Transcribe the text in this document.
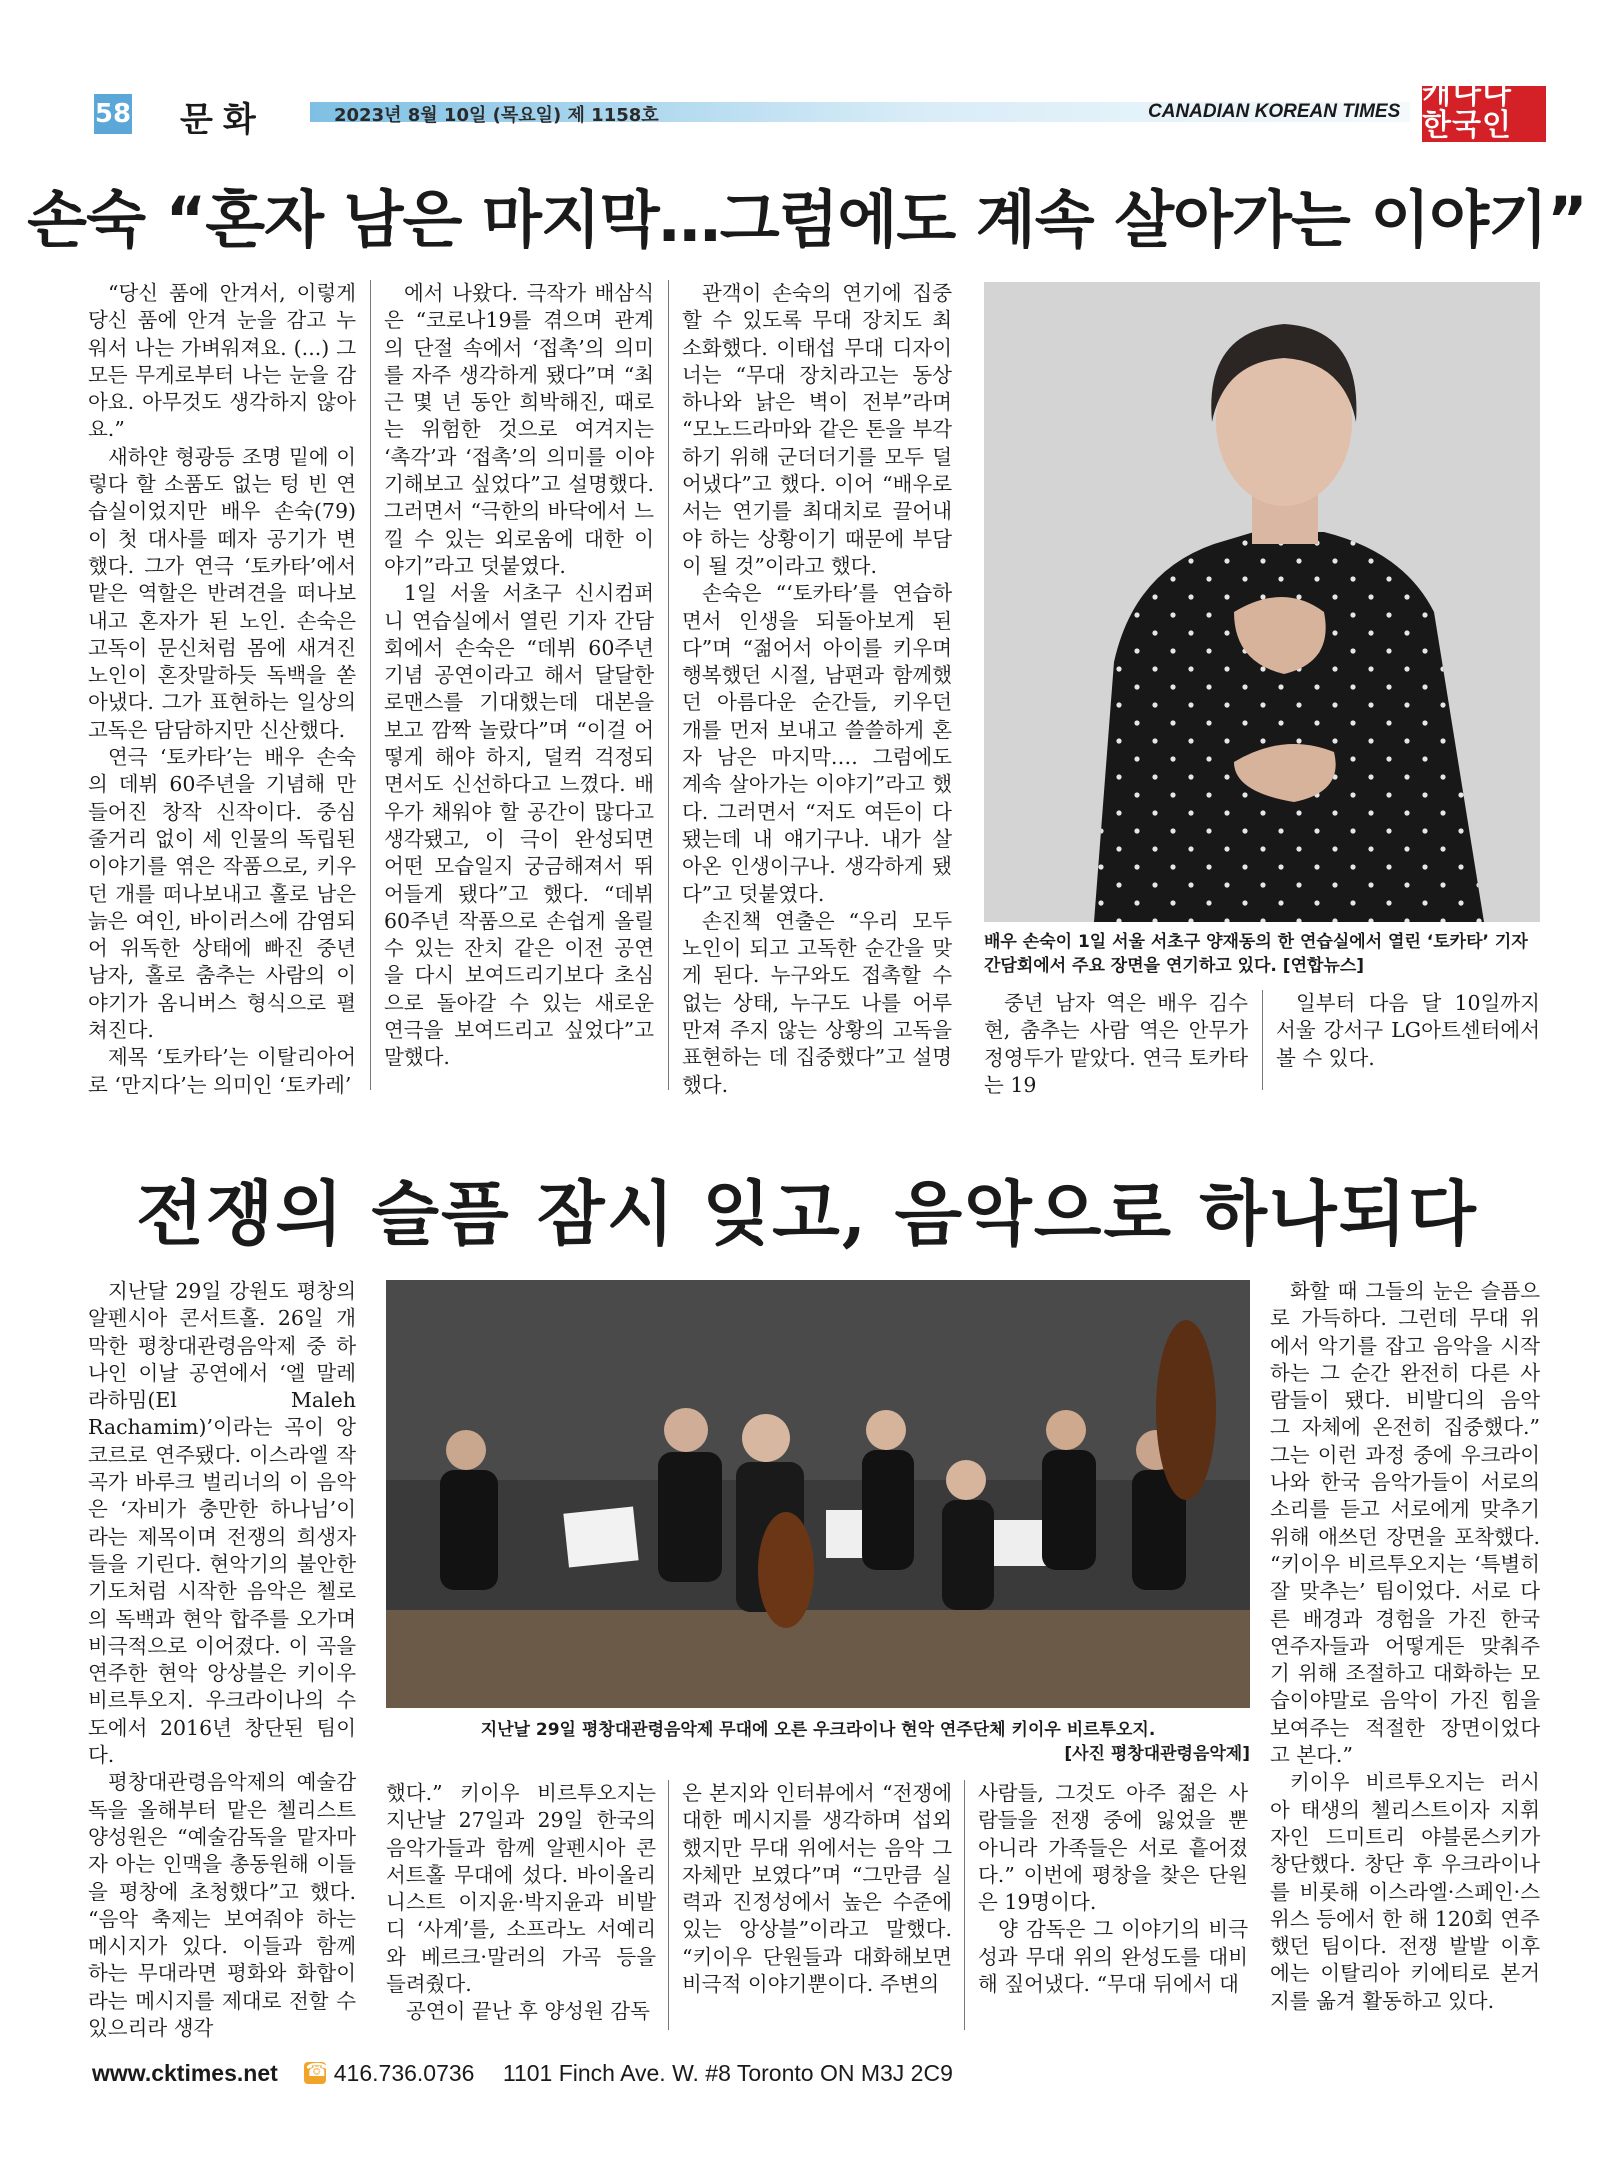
58 문화	2023년 8월 10일 (목요일) 제 1158호	CANADIAN KOREAN TIMES
캐나다 한국인
CANADIAN KOREAN TIMES
손숙 “혼자 남은 마지막…그럼에도 계속 살아가는 이야기”

“당신 품에 안겨서, 이렇게 당신 품에 안겨 눈을 감고 누워서 나는 가벼워져요. (...) 그 모든 무게로부터 나는 눈을 감아요. 아무것도 생각하지 않아요.”

새하얀 형광등 조명 밑에 이렇다 할 소품도 없는 텅 빈 연습실이었지만 배우 손숙(79)이 첫 대사를 떼자 공기가 변했다. 그가 연극 ‘토카타’에서 맡은 역할은 반려견을 떠나보내고 혼자가 된 노인. 손숙은 고독이 문신처럼 몸에 새겨진 노인이 혼잣말하듯 독백을 쏟아냈다. 그가 표현하는 일상의 고독은 담담하지만 신산했다.

연극 ‘토카타’는 배우 손숙의 데뷔 60주년을 기념해 만들어진 창작 신작이다. 중심 줄거리 없이 세 인물의 독립된 이야기를 엮은 작품으로, 키우던 개를 떠나보내고 홀로 남은 늙은 여인, 바이러스에 감염되어 위독한 상태에 빠진 중년 남자, 홀로 춤추는 사람의 이야기가 옴니버스 형식으로 펼쳐진다.

제목 ‘토카타’는 이탈리아어로 ‘만지다’는 의미인 ‘토카레’

에서 나왔다. 극작가 배삼식은 “코로나19를 겪으며 관계의 단절 속에서 ‘접촉’의 의미를 자주 생각하게 됐다”며 “최근 몇 년 동안 희박해진, 때로는 위험한 것으로 여겨지는 ‘촉각’과 ‘접촉’의 의미를 이야기해보고 싶었다”고 설명했다. 그러면서 “극한의 바닥에서 느낄 수 있는 외로움에 대한 이야기”라고 덧붙였다.

1일 서울 서초구 신시컴퍼니 연습실에서 열린 기자 간담회에서 손숙은 “데뷔 60주년 기념 공연이라고 해서 달달한 로맨스를 기대했는데 대본을 보고 깜짝 놀랐다”며 “이걸 어떻게 해야 하지, 덜컥 걱정되면서도 신선하다고 느꼈다. 배우가 채워야 할 공간이 많다고 생각됐고, 이 극이 완성되면 어떤 모습일지 궁금해져서 뛰어들게 됐다”고 했다. “데뷔 60주년 작품으로 손쉽게 올릴 수 있는 잔치 같은 이전 공연을 다시 보여드리기보다 초심으로 돌아갈 수 있는 새로운 연극을 보여드리고 싶었다”고 말했다.

관객이 손숙의 연기에 집중할 수 있도록 무대 장치도 최소화했다. 이태섭 무대 디자이너는 “무대 장치라고는 동상 하나와 낡은 벽이 전부”라며 “모노드라마와 같은 톤을 부각하기 위해 군더더기를 모두 덜어냈다”고 했다. 이어 “배우로서는 연기를 최대치로 끌어내야 하는 상황이기 때문에 부담이 될 것”이라고 했다.

손숙은 “‘토카타’를 연습하면서 인생을 되돌아보게 된다”며 “젊어서 아이를 키우며 행복했던 시절, 남편과 함께했던 아름다운 순간들, 키우던 개를 먼저 보내고 쓸쓸하게 혼자 남은 마지막…. 그럼에도 계속 살아가는 이야기”라고 했다. 그러면서 “저도 여든이 다 됐는데 내 얘기구나. 내가 살아온 인생이구나. 생각하게 됐다”고 덧붙였다.

손진책 연출은 “우리 모두 노인이 되고 고독한 순간을 맞게 된다. 누구와도 접촉할 수 없는 상태, 누구도 나를 어루만져 주지 않는 상황의 고독을 표현하는 데 집중했다”고 설명했다.

배우 손숙이 1일 서울 서초구 양재동의 한 연습실에서 열린 ‘토카타’ 기자간담회에서 주요 장면을 연기하고 있다. [연합뉴스]

중년 남자 역은 배우 김수현, 춤추는 사람 역은 안무가 정영두가 맡았다. 연극 토카타는 19

일부터 다음 달 10일까지 서울 강서구 LG아트센터에서 볼 수 있다.

전쟁의 슬픔 잠시 잊고, 음악으로 하나되다

지난달 29일 강원도 평창의 알펜시아 콘서트홀. 26일 개막한 평창대관령음악제 중 하나인 이날 공연에서 ‘엘 말레 라하밈(El Maleh Rachamim)’이라는 곡이 앙코르로 연주됐다. 이스라엘 작곡가 바루크 벌리너의 이 음악은 ‘자비가 충만한 하나님’이라는 제목이며 전쟁의 희생자들을 기린다. 현악기의 불안한 기도처럼 시작한 음악은 첼로의 독백과 현악 합주를 오가며 비극적으로 이어졌다. 이 곡을 연주한 현악 앙상블은 키이우 비르투오지. 우크라이나의 수도에서 2016년 창단된 팀이다.

평창대관령음악제의 예술감독을 올해부터 맡은 첼리스트 양성원은 “예술감독을 맡자마자 아는 인맥을 총동원해 이들을 평창에 초청했다”고 했다. “음악 축제는 보여줘야 하는 메시지가 있다. 이들과 함께 하는 무대라면 평화와 화합이라는 메시지를 제대로 전할 수 있으리라 생각

지난날 29일 평창대관령음악제 무대에 오른 우크라이나 현악 연주단체 키이우 비르투오지.
[사진 평창대관령음악제]

화할 때 그들의 눈은 슬픔으로 가득하다. 그런데 무대 위에서 악기를 잡고 음악을 시작하는 그 순간 완전히 다른 사람들이 됐다. 비발디의 음악 그 자체에 온전히 집중했다.” 그는 이런 과정 중에 우크라이나와 한국 음악가들이 서로의 소리를 듣고 서로에게 맞추기 위해 애쓰던 장면을 포착했다. “키이우 비르투오지는 ‘특별히 잘 맞추는’ 팀이었다. 서로 다른 배경과 경험을 가진 한국 연주자들과 어떻게든 맞춰주기 위해 조절하고 대화하는 모습이야말로 음악이 가진 힘을 보여주는 적절한 장면이었다고 본다.”

키이우 비르투오지는 러시아 태생의 첼리스트이자 지휘자인 드미트리 야블론스키가 창단했다. 창단 후 우크라이나를 비롯해 이스라엘·스페인·스위스 등에서 한 해 120회 연주했던 팀이다. 전쟁 발발 이후에는 이탈리아 키에티로 본거지를 옮겨 활동하고 있다.

했다.” 키이우 비르투오지는 지난날 27일과 29일 한국의 음악가들과 함께 알펜시아 콘서트홀 무대에 섰다. 바이올리니스트 이지윤·박지윤과 비발디 ‘사계’를, 소프라노 서예리와 베르크·말러의 가곡 등을 들려줬다.

공연이 끝난 후 양성원 감독

은 본지와 인터뷰에서 “전쟁에 대한 메시지를 생각하며 섭외했지만 무대 위에서는 음악 그 자체만 보였다”며 “그만큼 실력과 진정성에서 높은 수준에 있는 앙상블”이라고 말했다. “키이우 단원들과 대화해보면 비극적 이야기뿐이다. 주변의

사람들, 그것도 아주 젊은 사람들을 전쟁 중에 잃었을 뿐 아니라 가족들은 서로 흩어졌다.” 이번에 평창을 찾은 단원은 19명이다.

양 감독은 그 이야기의 비극성과 무대 위의 완성도를 대비해 짚어냈다. “무대 뒤에서 대

www.cktimes.net☎ 416.736.0736 1101 Finch Ave. W. #8 Toronto ON M3J 2C9
